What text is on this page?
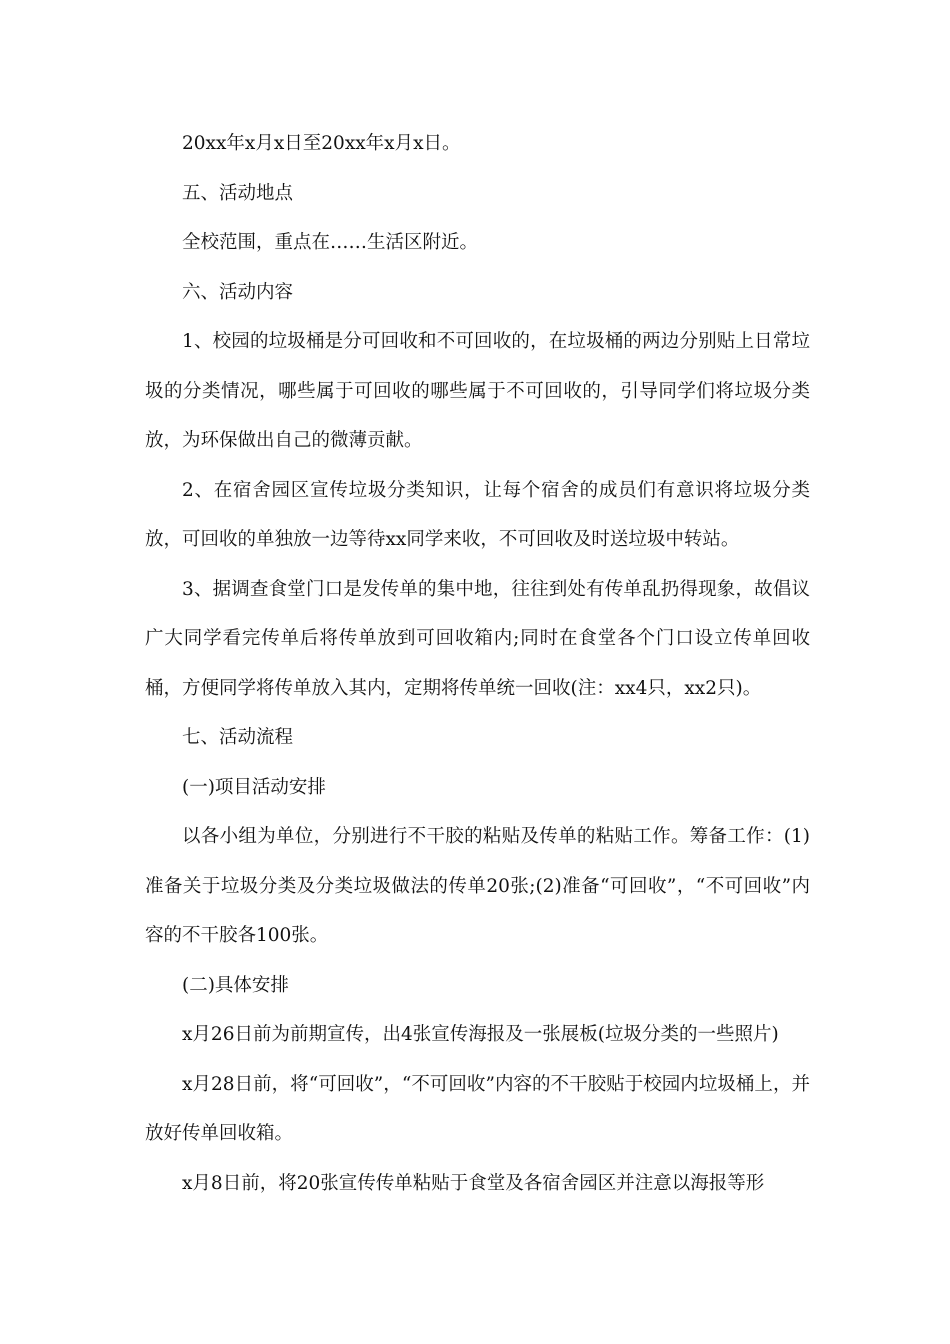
20xx年x月x日至20xx年x月x日。

五、活动地点

全校范围，重点在……生活区附近。

六、活动内容

1、校园的垃圾桶是分可回收和不可回收的，在垃圾桶的两边分别贴上日常垃圾的分类情况，哪些属于可回收的哪些属于不可回收的，引导同学们将垃圾分类放，为环保做出自己的微薄贡献。

2、在宿舍园区宣传垃圾分类知识，让每个宿舍的成员们有意识将垃圾分类放，可回收的单独放一边等待xx同学来收，不可回收及时送垃圾中转站。

3、据调查食堂门口是发传单的集中地，往往到处有传单乱扔得现象，故倡议广大同学看完传单后将传单放到可回收箱内;同时在食堂各个门口设立传单回收桶，方便同学将传单放入其内，定期将传单统一回收(注：xx4只，xx2只)。

七、活动流程

(一)项目活动安排

以各小组为单位，分别进行不干胶的粘贴及传单的粘贴工作。筹备工作：(1)准备关于垃圾分类及分类垃圾做法的传单20张;(2)准备“可回收”，“不可回收”内容的不干胶各100张。

(二)具体安排

x月26日前为前期宣传，出4张宣传海报及一张展板(垃圾分类的一些照片)

x月28日前，将“可回收”，“不可回收”内容的不干胶贴于校园内垃圾桶上，并放好传单回收箱。

x月8日前，将20张宣传传单粘贴于食堂及各宿舍园区并注意以海报等形
